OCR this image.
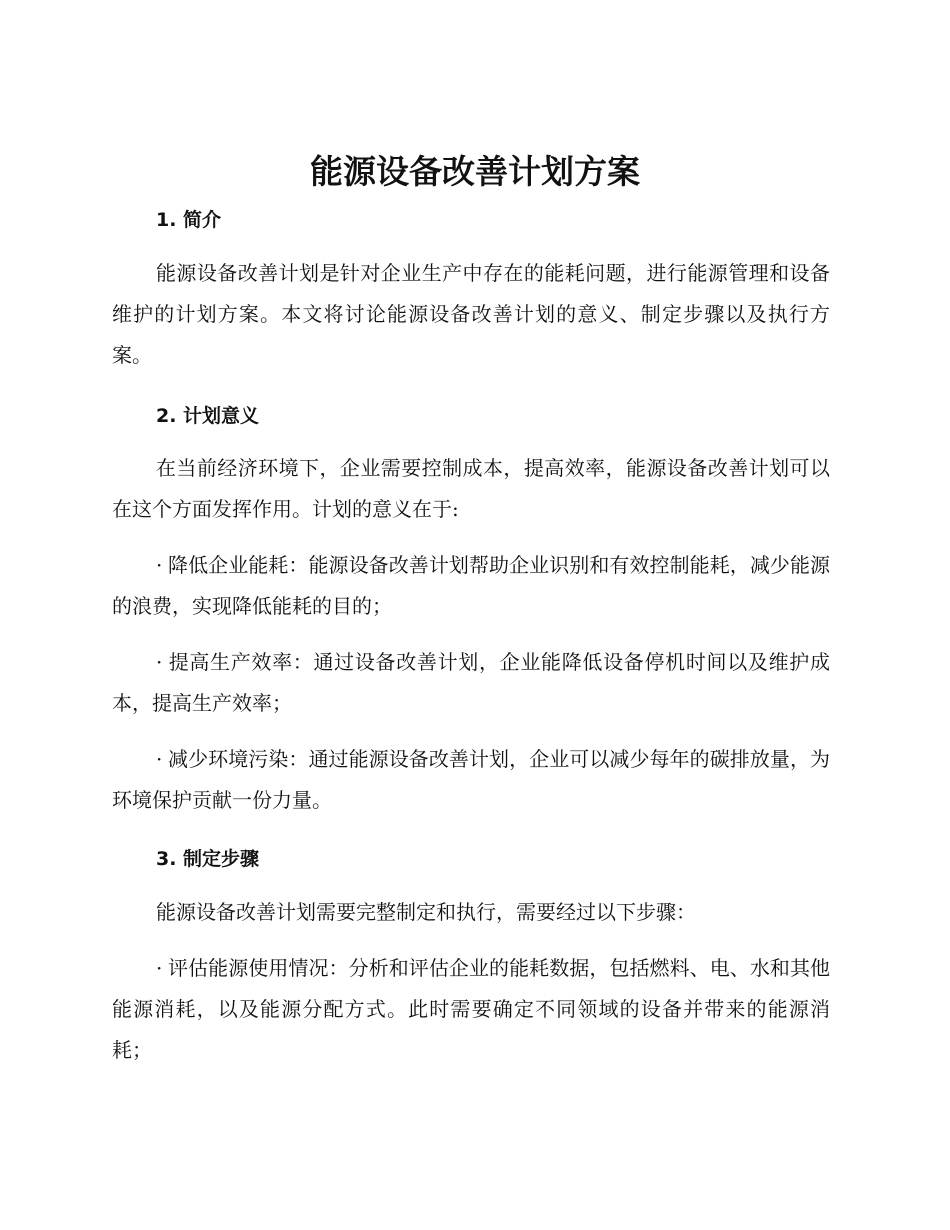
能源设备改善计划方案
1. 简介

能源设备改善计划是针对企业生产中存在的能耗问题，进行能源管理和设备维护的计划方案。本文将讨论能源设备改善计划的意义、制定步骤以及执行方案。

2. 计划意义

在当前经济环境下，企业需要控制成本，提高效率，能源设备改善计划可以在这个方面发挥作用。计划的意义在于:

· 降低企业能耗：能源设备改善计划帮助企业识别和有效控制能耗，减少能源的浪费，实现降低能耗的目的；

· 提高生产效率：通过设备改善计划，企业能降低设备停机时间以及维护成本，提高生产效率；

· 减少环境污染：通过能源设备改善计划，企业可以减少每年的碳排放量，为环境保护贡献一份力量。

3. 制定步骤

能源设备改善计划需要完整制定和执行，需要经过以下步骤：

· 评估能源使用情况：分析和评估企业的能耗数据，包括燃料、电、水和其他能源消耗，以及能源分配方式。此时需要确定不同领域的设备并带来的能源消耗；
